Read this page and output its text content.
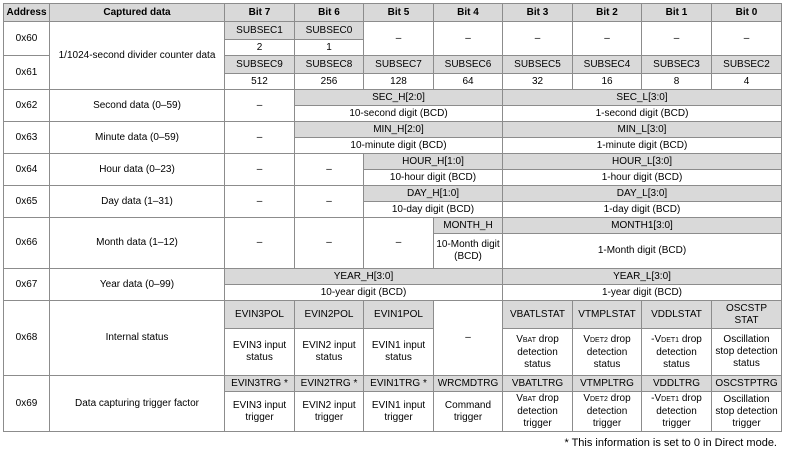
Address	Captured data	Bit 7	Bit 6	Bit 5	Bit 4	Bit 3	Bit 2	Bit 1	Bit 0
0x60	1/1024-second divider counter data	SUBSEC1	SUBSEC0	–	–	–	–	–	–
		2	1						
0x61		SUBSEC9	SUBSEC8	SUBSEC7	SUBSEC6	SUBSEC5	SUBSEC4	SUBSEC3	SUBSEC2
		512	256	128	64	32	16	8	4
0x62	Second data (0–59)	–	SEC_H[2:0]			SEC_L[3:0]			
			10-second digit (BCD)			1-second digit (BCD)			
0x63	Minute data (0–59)	–	MIN_H[2:0]			MIN_L[3:0]			
			10-minute digit (BCD)			1-minute digit (BCD)			
0x64	Hour data (0–23)	–	–	HOUR_H[1:0]		HOUR_L[3:0]			
				10-hour digit (BCD)		1-hour digit (BCD)			
0x65	Day data (1–31)	–	–	DAY_H[1:0]		DAY_L[3:0]			
				10-day digit (BCD)		1-day digit (BCD)			
0x66	Month data (1–12)	–	–	–	MONTH_H	MONTH1[3:0]			
					10-Month digit (BCD)	1-Month digit (BCD)			
0x67	Year data (0–99)	YEAR_H[3:0]				YEAR_L[3:0]			
		10-year digit (BCD)				1-year digit (BCD)			
0x68	Internal status	EVIN3POL	EVIN2POL	EVIN1POL	–	VBATLSTAT	VTMPLSTAT	VDDLSTAT	OSCSTP STAT
		EVIN3 input status	EVIN2 input status	EVIN1 input status		VBAT drop detection status	VDET2 drop detection status	-VDET1 drop detection status	Oscillation stop detection status
0x69	Data capturing trigger factor	EVIN3TRG *	EVIN2TRG *	EVIN1TRG *	WRCMDTRG	VBATLTRG	VTMPLTRG	VDDLTRG	OSCSTPTRG
		EVIN3 input trigger	EVIN2 input trigger	EVIN1 input trigger	Command trigger	VBAT drop detection trigger	VDET2 drop detection trigger	-VDET1 drop detection trigger	Oscillation stop detection trigger
* This information is set to 0 in Direct mode.
